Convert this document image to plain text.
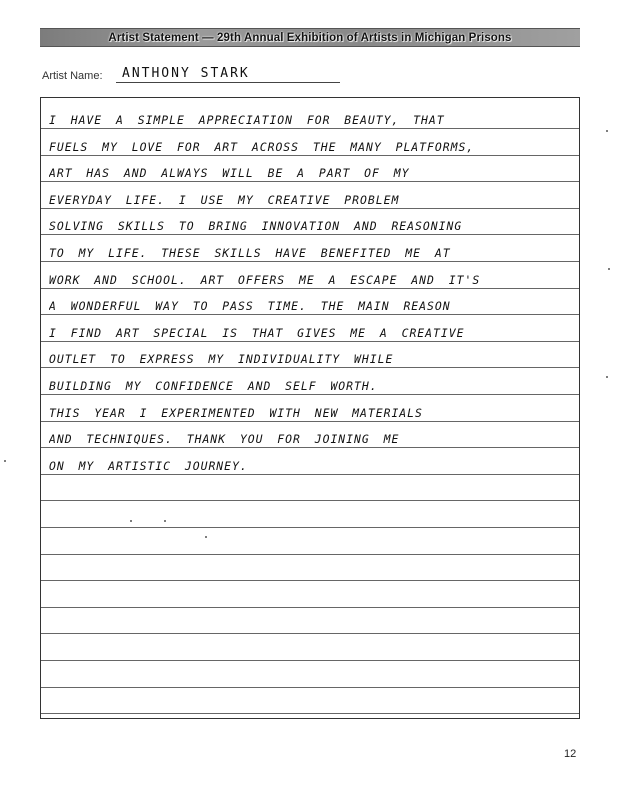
Artist Statement — 29th Annual Exhibition of Artists in Michigan Prisons
Artist Name: ANTHONY STARK
I HAVE A SIMPLE APPRECIATION FOR BEAUTY, THAT
FUELS MY LOVE FOR ART ACROSS THE MANY PLATFORMS,
ART HAS AND ALWAYS WILL BE A PART OF MY
EVERYDAY LIFE. I USE MY CREATIVE PROBLEM
SOLVING SKILLS TO BRING INNOVATION AND REASONING
TO MY LIFE. THESE SKILLS HAVE BENEFITED ME AT
WORK AND SCHOOL. ART OFFERS ME A ESCAPE AND IT'S
A WONDERFUL WAY TO PASS TIME. THE MAIN REASON
I FIND ART SPECIAL IS THAT GIVES ME A CREATIVE
OUTLET TO EXPRESS MY INDIVIDUALITY WHILE
BUILDING MY CONFIDENCE AND SELF WORTH.
THIS YEAR I EXPERIMENTED WITH NEW MATERIALS
AND TECHNIQUES. THANK YOU FOR JOINING ME
ON MY ARTISTIC JOURNEY.
12
